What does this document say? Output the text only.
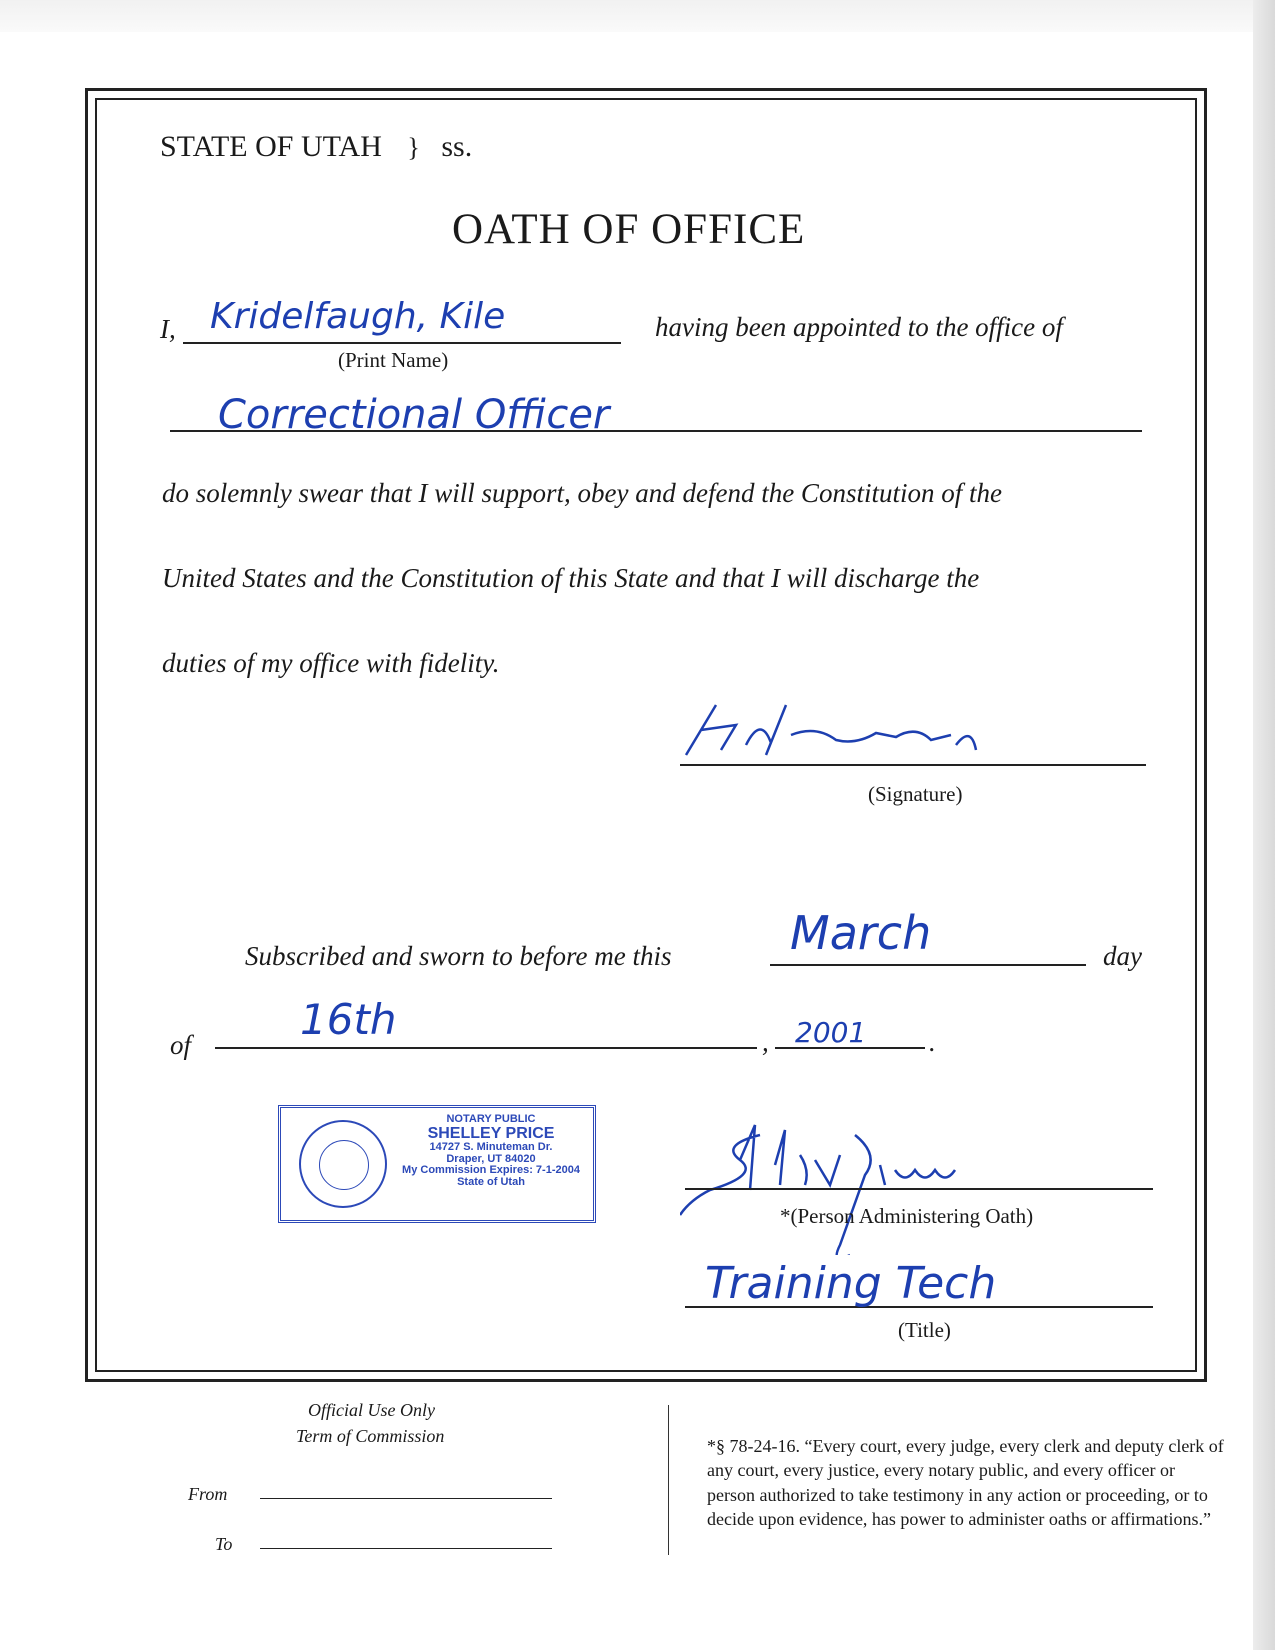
STATE OF UTAH } ss.
OATH OF OFFICE
I, Kridelfaugh, Kile
(Print Name)
having been appointed to the office of
Correctional Officer
do solemnly swear that I will support, obey and defend the Constitution of the
United States and the Constitution of this State and that I will discharge the
duties of my office with fidelity.
(Signature)
Subscribed and sworn to before me this	March	day
of
16th	, 2001 .
NOTARY PUBLIC
SHELLEY PRICE
14727 S. Minuteman Dr.
Draper, UT 84020
My Commission Expires: 7-1-2004
State of Utah
*(Person Administering Oath)
Training Tech
(Title)
Official Use Only
Term of Commission
From
To
*§ 78-24-16. “Every court, every judge, every clerk and deputy clerk of any court, every justice, every notary public, and every officer or person authorized to take testimony in any action or proceeding, or to decide upon evidence, has power to administer oaths or affirmations.”
